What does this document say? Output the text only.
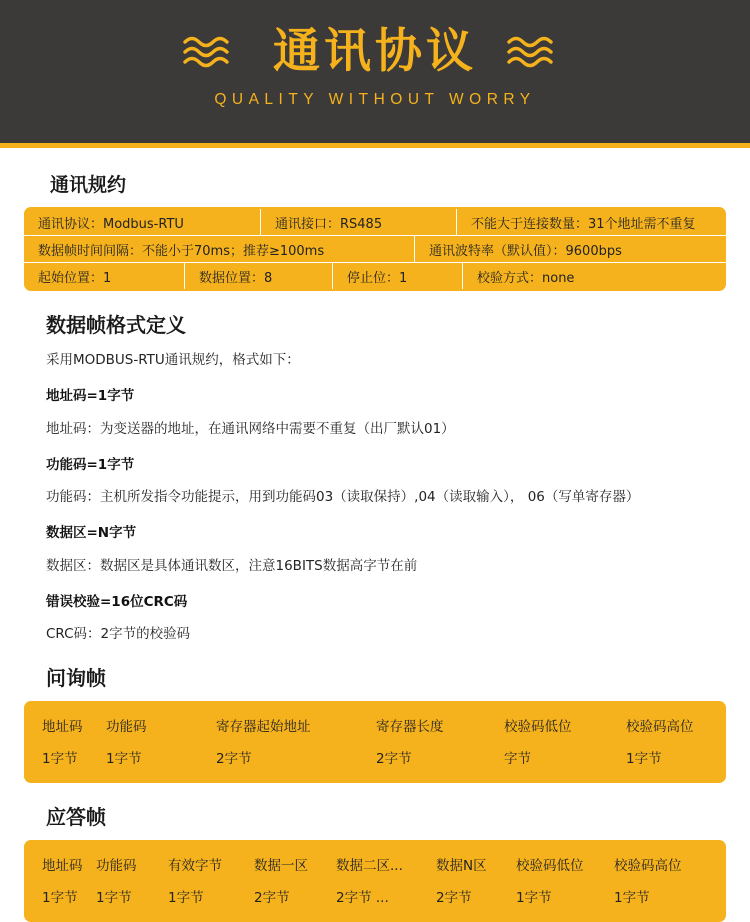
通讯协议
QUALITY WITHOUT WORRY
通讯规约
通讯协议：Modbus-RTU	通讯接口：RS485	不能大于连接数量：31个地址需不重复
数据帧时间间隔：不能小于70ms；推荐≥100ms	通讯波特率（默认值）：9600bps
起始位置：1	数据位置：8	停止位：1	校验方式：none
数据帧格式定义

采用MODBUS-RTU通讯规约，格式如下：

地址码=1字节

地址码：为变送器的地址，在通讯网络中需要不重复（出厂默认01）

功能码=1字节

功能码：主机所发指令功能提示，用到功能码03（读取保持）,04（读取输入）， 06（写单寄存器）

数据区=N字节

数据区：数据区是具体通讯数区，注意16BITS数据高字节在前

错误校验=16位CRC码

CRC码：2字节的校验码

问询帧
地址码	功能码	寄存器起始地址	寄存器长度	校验码低位	校验码高位
1字节	1字节	2字节	2字节	字节	1字节
应答帧
地址码	功能码	有效字节	数据一区	数据二区...	数据N区	校验码低位	校验码高位
1字节	1字节	1字节	2字节	2字节 ...	2字节	1字节	1字节
